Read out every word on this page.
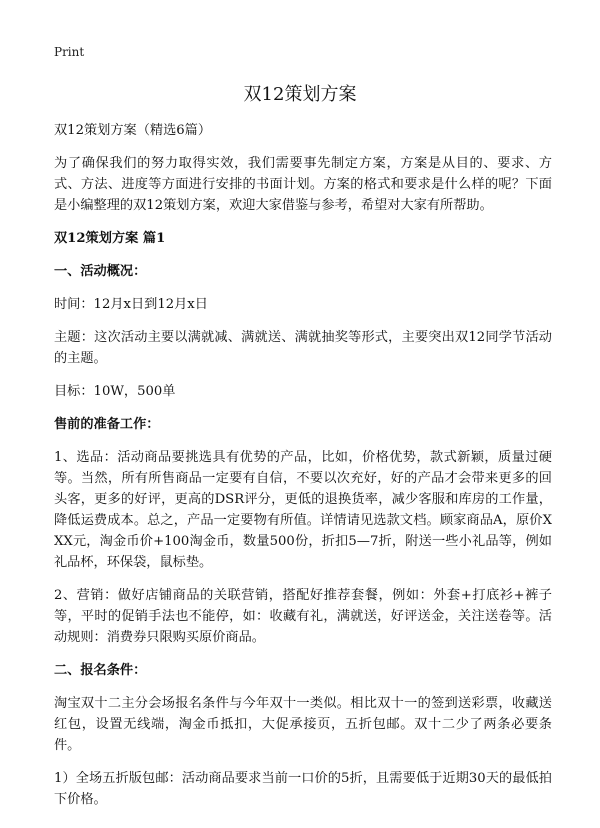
Print
双12策划方案

双12策划方案（精选6篇）

为了确保我们的努力取得实效，我们需要事先制定方案，方案是从目的、要求、方式、方法、进度等方面进行安排的书面计划。方案的格式和要求是什么样的呢？下面是小编整理的双12策划方案，欢迎大家借鉴与参考，希望对大家有所帮助。

双12策划方案 篇1

一、活动概况：

时间：12月x日到12月x日

主题：这次活动主要以满就减、满就送、满就抽奖等形式，主要突出双12同学节活动的主题。

目标：10W，500单

售前的准备工作：

1、选品：活动商品要挑选具有优势的产品，比如，价格优势，款式新颖，质量过硬等。当然，所有所售商品一定要有自信，不要以次充好，好的产品才会带来更多的回头客，更多的好评，更高的DSR评分，更低的退换货率，减少客服和库房的工作量，降低运费成本。总之，产品一定要物有所值。详情请见选款文档。顾家商品A，原价XXX元，淘金币价+100淘金币，数量500份，折扣5—7折，附送一些小礼品等，例如礼品杯，环保袋，鼠标垫。

2、营销：做好店铺商品的关联营销，搭配好推荐套餐，例如：外套+打底衫+裤子等，平时的促销手法也不能停，如：收藏有礼，满就送，好评送金，关注送卷等。活动规则：消费券只限购买原价商品。

二、报名条件：

淘宝双十二主分会场报名条件与今年双十一类似。相比双十一的签到送彩票，收藏送红包，设置无线端，淘金币抵扣，大促承接页，五折包邮。双十二少了两条必要条件。

1）全场五折版包邮：活动商品要求当前一口价的5折，且需要低于近期30天的最低拍下价格。
